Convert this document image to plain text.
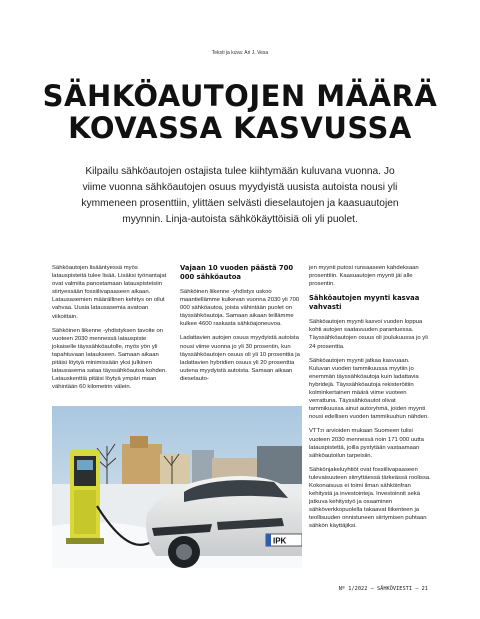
Teksti ja kuva: Ari J. Vesa
SÄHKÖAUTOJEN MÄÄRÄ
KOVASSA KASVUSSA
Kilpailu sähköautojen ostajista tulee kiihtymään kuluvana vuonna. Jo viime vuonna sähköautojen osuus myydyistä uusista autoista nousi yli kymmeneen prosenttiin, ylittäen selvästi dieselautojen ja kaasuautojen myynnin. Linja-autoista sähkökäyttöisiä oli yli puolet.

Sähköautojen lisääntyessä myös latauspisteitä tulee lisää. Lisäksi työnantajat ovat valmiita panostamaan latauspisteisiin siirtyessään fossiilivapaaseen aikaan. Latausasemien määrällinen kehitys on ollut vahvaa. Uusia latausasemia avatoan viikoittain.

Sähköinen liikenne -yhdistyksen tavoite on vuoteen 2030 mennessä latauspiste jokaiselle täyssähköautolle, myös yön yli tapahtuvaan lataukseen. Samaan aikaan pitäisi löytyä minimissään yksi julkinen latausasema sataa täyssähköautoa kohden. Latauskenttiä pitäisi löytyä ympäri maan vähintään 60 kilometrin välein.

Vajaan 10 vuoden päästä 700 000 sähköautoa

Sähköinen liikenne -yhdistys uskoo maantiellämme kulkevan vuonna 2030 yli 700 000 sähköautoa, joista vähintään puolet on täyssähköautoja. Samaan aikaan teillämme kulkee 4600 raskasta sähköajoneuvoa.

Ladattavien autojen osuus myydyistä autoista nousi viime vuonna jo yli 30 prosentin, kun täyssähköautojen osuus oli yli 10 prosenttia ja ladattavien hybridien osuus yli 20 prosenttia uutena myydyistä autoista. Samaan aikaan dieselauto-

jen myynti putosi runsaaseen kahdeksaan prosenttiin. Kaasuautojen myynti jäi alle prosentin.

Sähköautojen myynti kasvaa vahvasti

Sähköautojen myynti kasvoi vuoden loppua kohti autojen saatavuuden parantuessa. Täyssähköautojen osuus oli joulukuussa jo yli 24 prosenttia.

Sähköautojen myynti jatkaa kasvuaan. Kuluvan vuoden tammikuussa myytiin jo enemmän täyssähköautoja kuin ladattavia hybridejä. Täyssähköautoja rekisteröitiin kolminkertainen määrä viime vuoteen verrattuna. Täyssähköautot olivat tammikuussa ainut autoryhmä, joiden myynti nousi edellisen vuoden tammikuuhun nähden.

VTT:n arvioiden mukaan Suomeen tulisi vuoteen 2030 mennessä noin 171 000 uutta latauspistettä, joilla pystytään vastaamaan sähköautoilun tarpeisiin.

Sähkönjakeluyhtiöt ovat fossiilivapaaseen tulevaisuuteen siirryttäessä tärkeässä roolissa. Kokonaisuus ei toimi ilman sähköinfran kehitystä ja investointeja. Investoinnit sekä jatkuva kehitystyö ja osaaminen sähköverkkopuolella takaavat liikenteen ja teollisuuden onnistuneen siirtymisen puhtaan sähkön käyttäjiksi.

IPK
Nº 1/2022 — SÄHKÖVIESTI — 21
